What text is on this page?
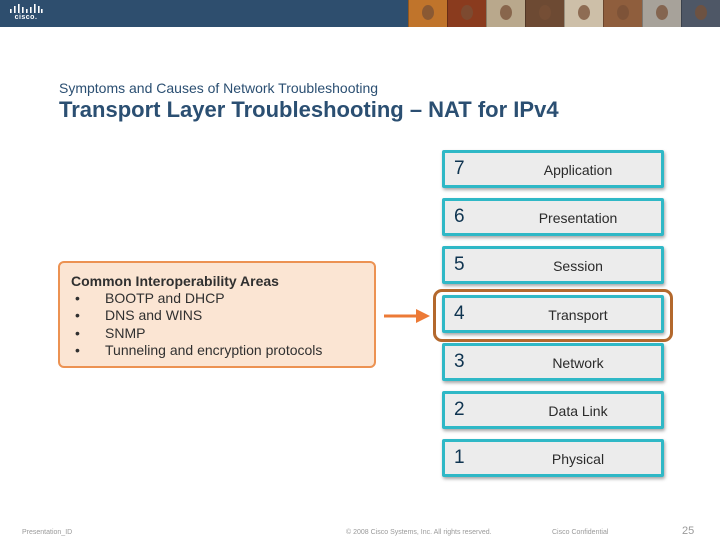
cisco.
Symptoms and Causes of Network Troubleshooting
Transport Layer Troubleshooting – NAT for IPv4
7	Application
6	Presentation
5	Session
4	Transport
3	Network
2	Data Link
1	Physical
Common Interoperability Areas
• BOOTP and DHCP
• DNS and WINS
• SNMP
• Tunneling and encryption protocols
Presentation_ID	© 2008 Cisco Systems, Inc. All rights reserved.	Cisco Confidential	25
